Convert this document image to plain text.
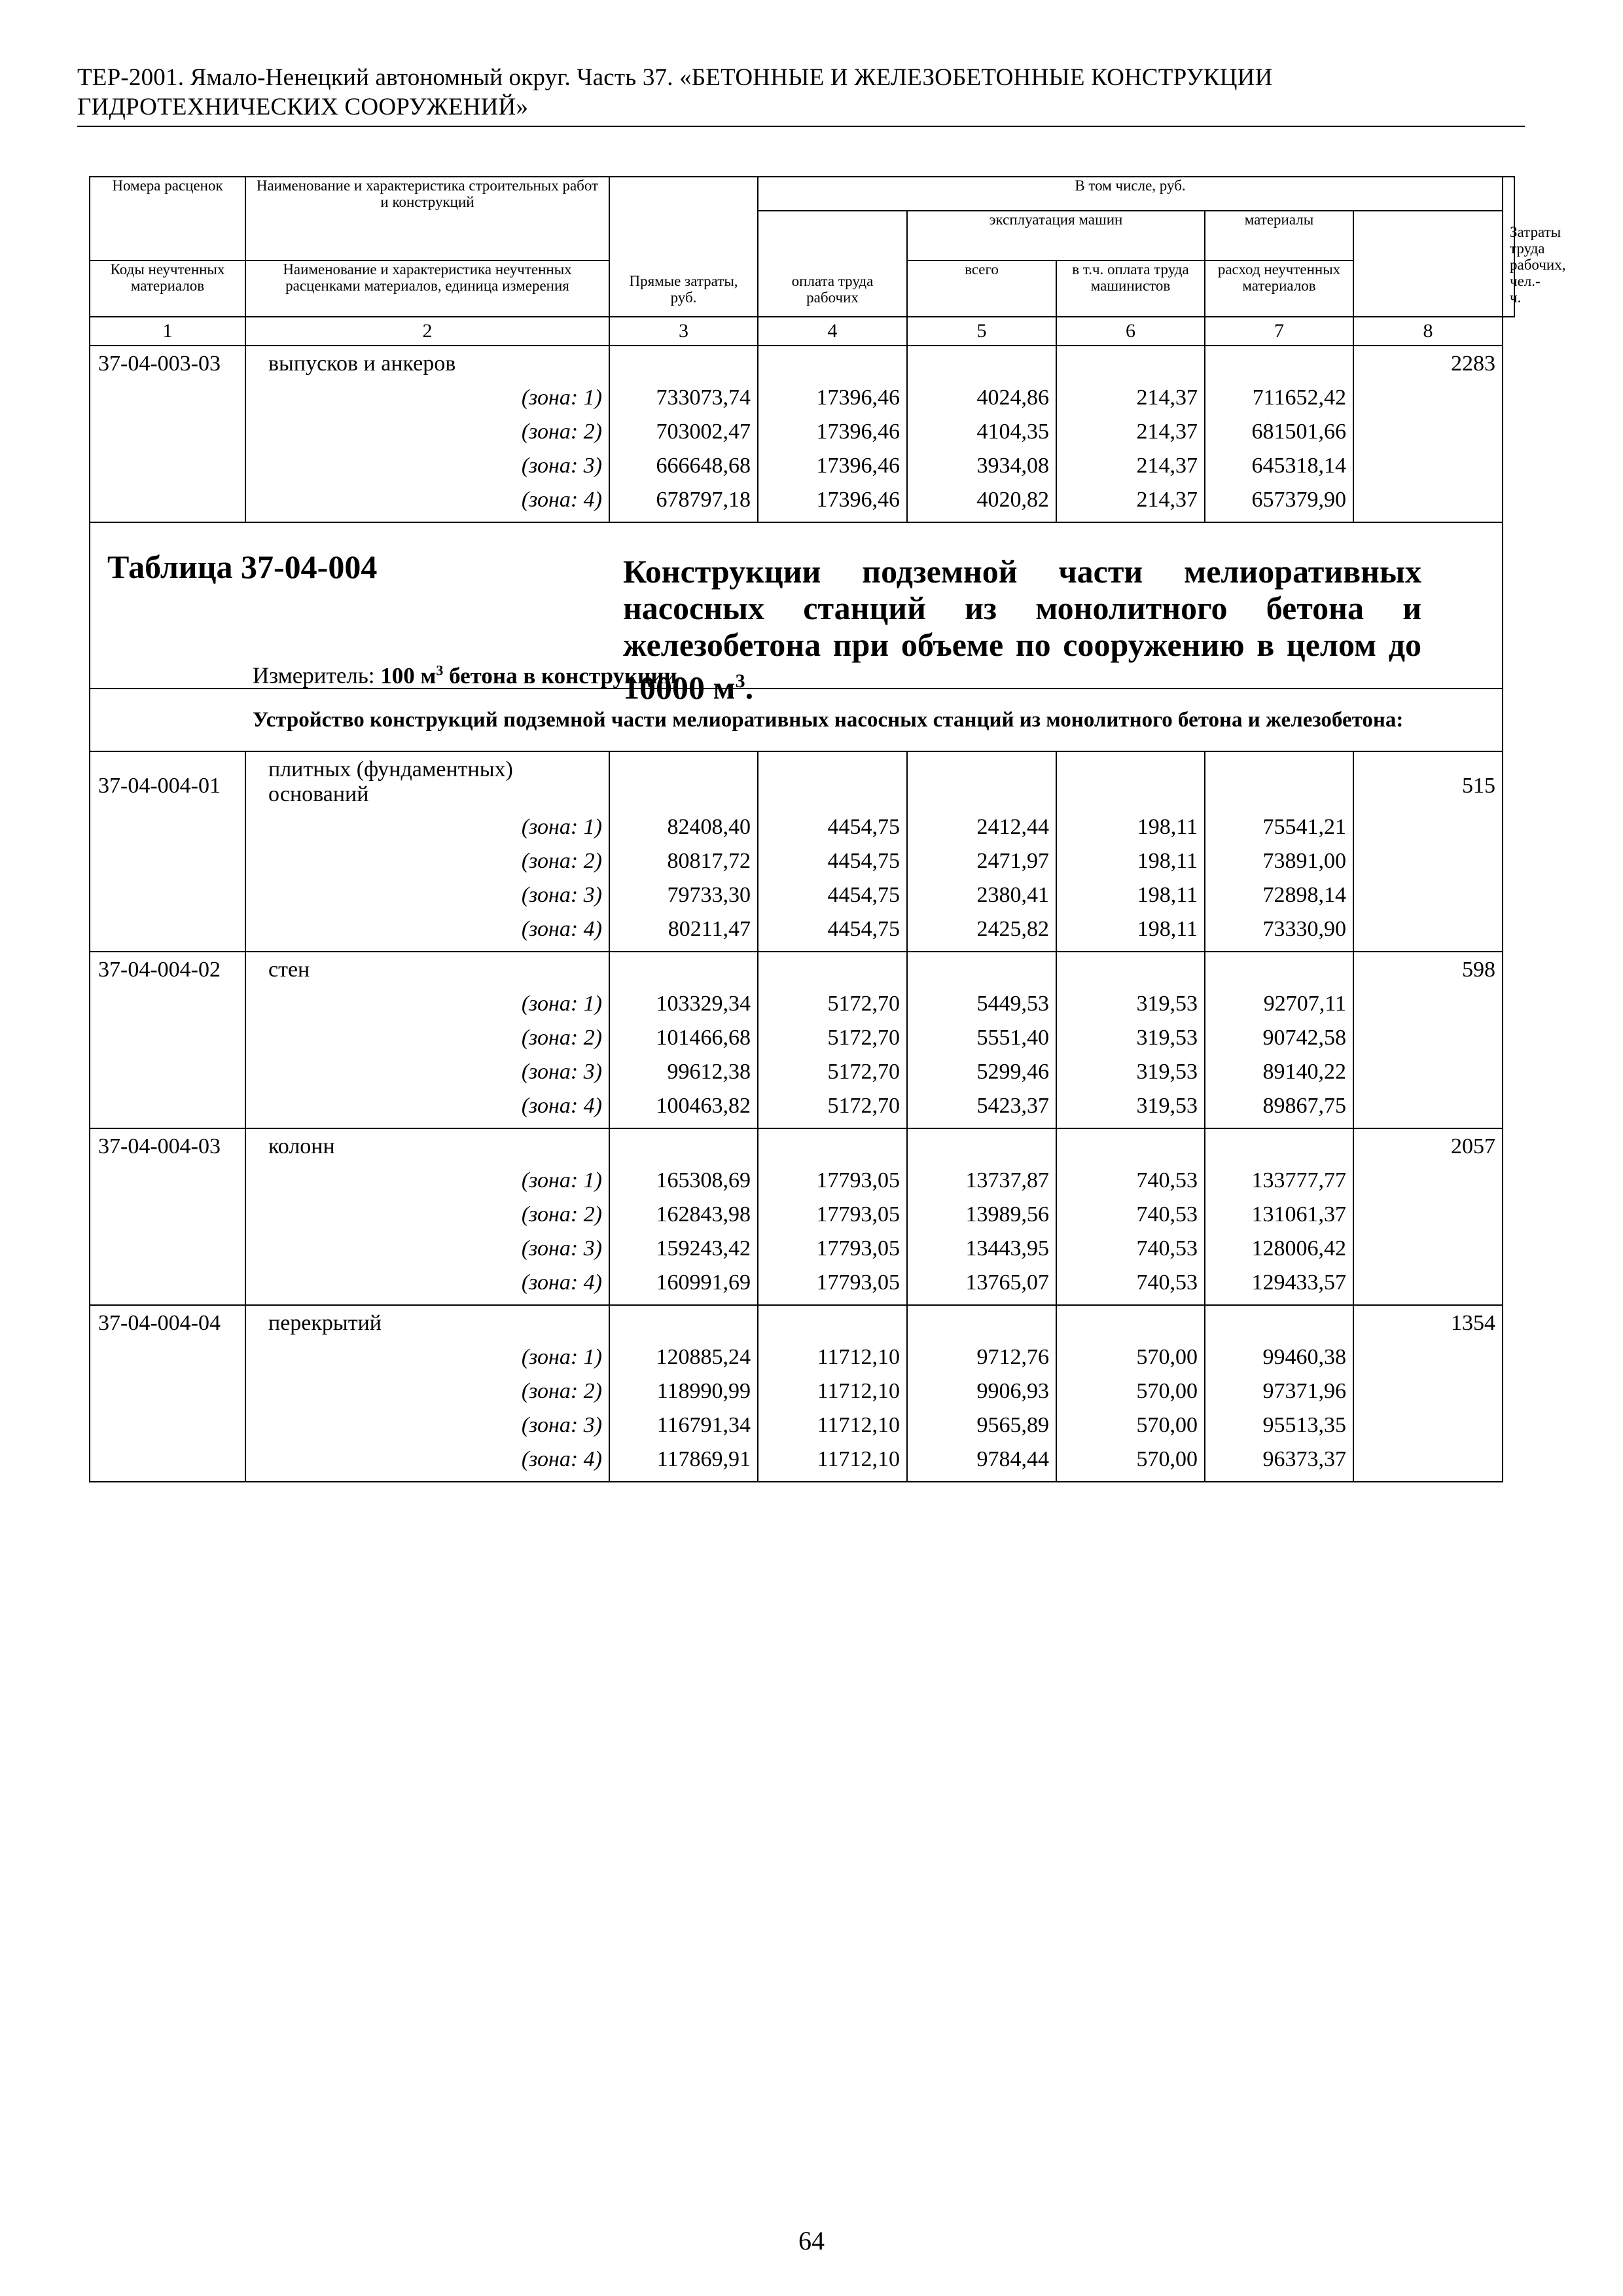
ТЕР-2001. Ямало-Ненецкий автономный округ. Часть 37. «БЕТОННЫЕ И ЖЕЛЕЗОБЕТОННЫЕ КОНСТРУКЦИИ
ГИДРОТЕХНИЧЕСКИХ СООРУЖЕНИЙ»
Номера расценок	Наименование и характеристика строительных работ и конструкций	Прямые затраты, руб.	В том числе, руб.					Затраты труда рабочих, чел.-ч.
			оплата труда рабочих	эксплуатация машин		материалы		
Коды неучтенных материалов	Наименование и характеристика неучтенных расценками материалов, единица измерения			всего	в т.ч. оплата труда машинистов	расход неучтенных материалов		
1	2	3	4	5	6	7	8	
37-04-003-03	выпусков и анкеров						2283	
	(зона: 1)	733073,74	17396,46	4024,86	214,37	711652,42		
	(зона: 2)	703002,47	17396,46	4104,35	214,37	681501,66		
	(зона: 3)	666648,68	17396,46	3934,08	214,37	645318,14		
	(зона: 4)	678797,18	17396,46	4020,82	214,37	657379,90		

Таблица 37-04-004 Конструкции подземной части мелиоративных насосных станций из монолитного бетона и железобетона при объеме по сооружению в целом до 10000 $м^3$.
Измеритель: 100 $м^3$ бетона в конструкции								

Устройство конструкций подземной части мелиоративных насосных станций из монолитного бетона и железобетона:								
37-04-004-01	плитных (фундаментных) оснований						515	
	(зона: 1)	82408,40	4454,75	2412,44	198,11	75541,21		
	(зона: 2)	80817,72	4454,75	2471,97	198,11	73891,00		
	(зона: 3)	79733,30	4454,75	2380,41	198,11	72898,14		
	(зона: 4)	80211,47	4454,75	2425,82	198,11	73330,90		
37-04-004-02	стен						598	
	(зона: 1)	103329,34	5172,70	5449,53	319,53	92707,11		
	(зона: 2)	101466,68	5172,70	5551,40	319,53	90742,58		
	(зона: 3)	99612,38	5172,70	5299,46	319,53	89140,22		
	(зона: 4)	100463,82	5172,70	5423,37	319,53	89867,75		
37-04-004-03	колонн						2057	
	(зона: 1)	165308,69	17793,05	13737,87	740,53	133777,77		
	(зона: 2)	162843,98	17793,05	13989,56	740,53	131061,37		
	(зона: 3)	159243,42	17793,05	13443,95	740,53	128006,42		
	(зона: 4)	160991,69	17793,05	13765,07	740,53	129433,57		
37-04-004-04	перекрытий						1354	
	(зона: 1)	120885,24	11712,10	9712,76	570,00	99460,38		
	(зона: 2)	118990,99	11712,10	9906,93	570,00	97371,96		
	(зона: 3)	116791,34	11712,10	9565,89	570,00	95513,35		
	(зона: 4)	117869,91	11712,10	9784,44	570,00	96373,37		
64
